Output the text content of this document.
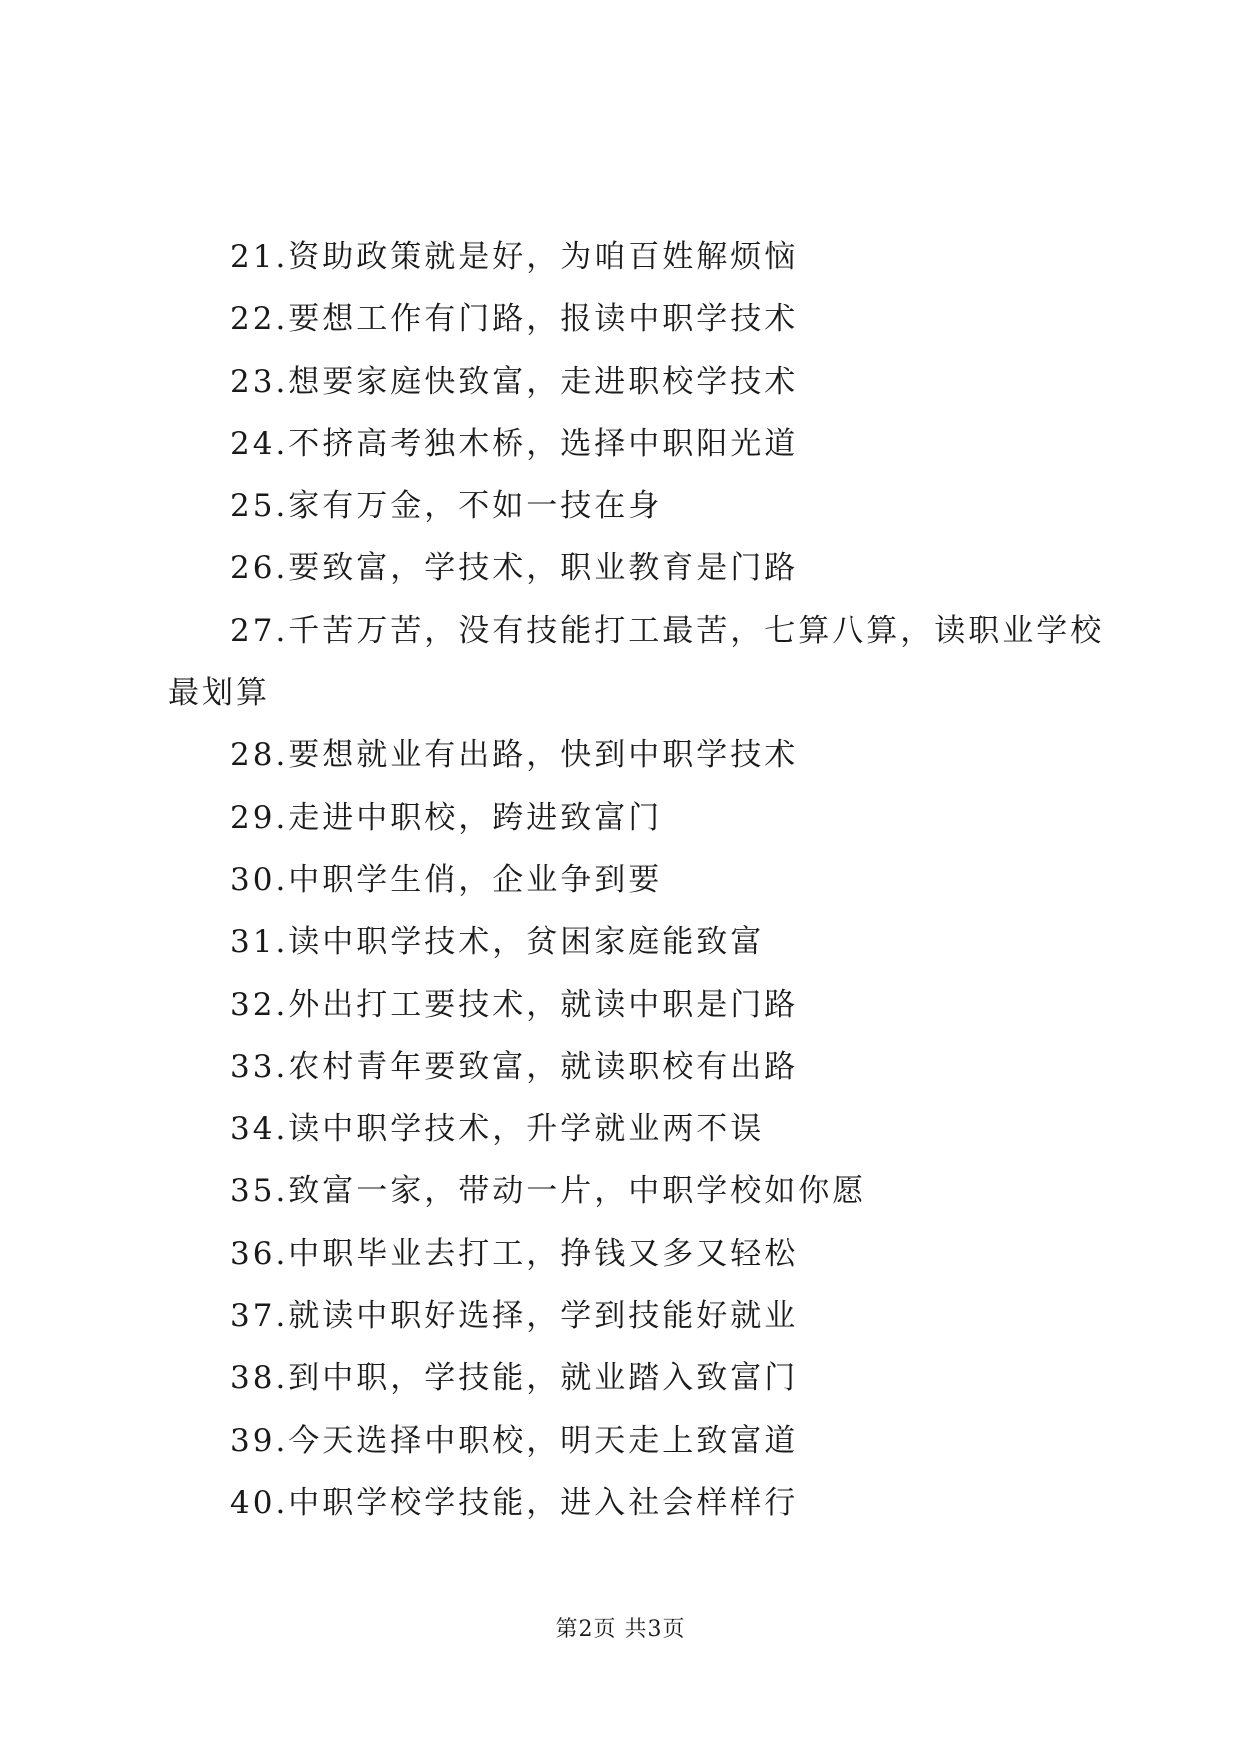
21.资助政策就是好，为咱百姓解烦恼
22.要想工作有门路，报读中职学技术
23.想要家庭快致富，走进职校学技术
24.不挤高考独木桥，选择中职阳光道
25.家有万金，不如一技在身
26.要致富，学技术，职业教育是门路
27.千苦万苦，没有技能打工最苦，七算八算，读职业学校
最划算
28.要想就业有出路，快到中职学技术
29.走进中职校，跨进致富门
30.中职学生俏，企业争到要
31.读中职学技术，贫困家庭能致富
32.外出打工要技术，就读中职是门路
33.农村青年要致富，就读职校有出路
34.读中职学技术，升学就业两不误
35.致富一家，带动一片，中职学校如你愿
36.中职毕业去打工，挣钱又多又轻松
37.就读中职好选择，学到技能好就业
38.到中职，学技能，就业踏入致富门
39.今天选择中职校，明天走上致富道
40.中职学校学技能，进入社会样样行
第2页 共3页
